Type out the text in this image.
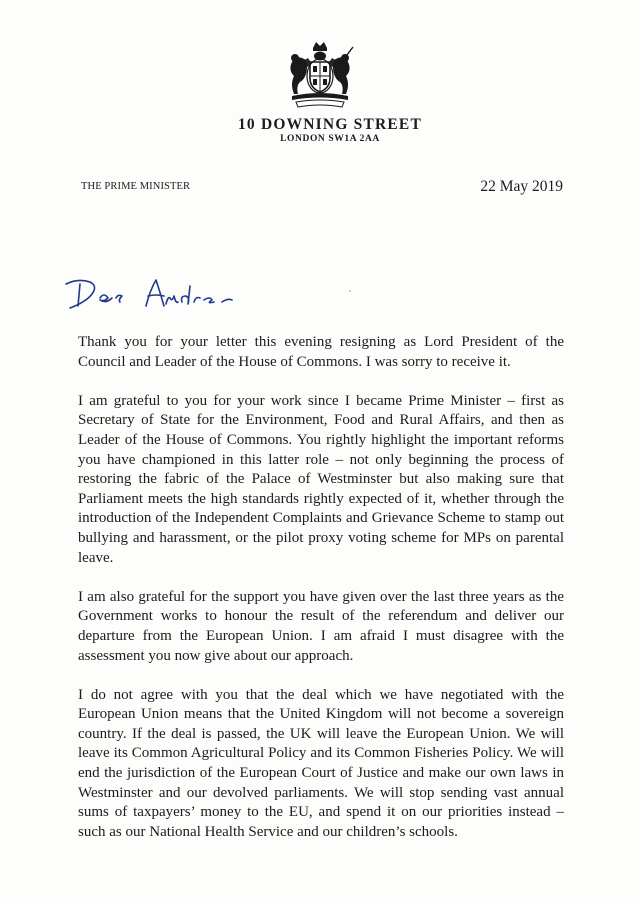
10 DOWNING STREET
LONDON SW1A 2AA
THE PRIME MINISTER	22 May 2019

Thank you for your letter this evening resigning as Lord President of the Council and Leader of the House of Commons. I was sorry to receive it.

I am grateful to you for your work since I became Prime Minister – first as Secretary of State for the Environment, Food and Rural Affairs, and then as Leader of the House of Commons. You rightly highlight the important reforms you have championed in this latter role – not only beginning the process of restoring the fabric of the Palace of Westminster but also making sure that Parliament meets the high standards rightly expected of it, whether through the introduction of the Independent Complaints and Grievance Scheme to stamp out bullying and harassment, or the pilot proxy voting scheme for MPs on parental leave.

I am also grateful for the support you have given over the last three years as the Government works to honour the result of the referendum and deliver our departure from the European Union. I am afraid I must disagree with the assessment you now give about our approach.

I do not agree with you that the deal which we have negotiated with the European Union means that the United Kingdom will not become a sovereign country. If the deal is passed, the UK will leave the European Union. We will leave its Common Agricultural Policy and its Common Fisheries Policy. We will end the jurisdiction of the European Court of Justice and make our own laws in Westminster and our devolved parliaments. We will stop sending vast annual sums of taxpayers’ money to the EU, and spend it on our priorities instead – such as our National Health Service and our children’s schools.
